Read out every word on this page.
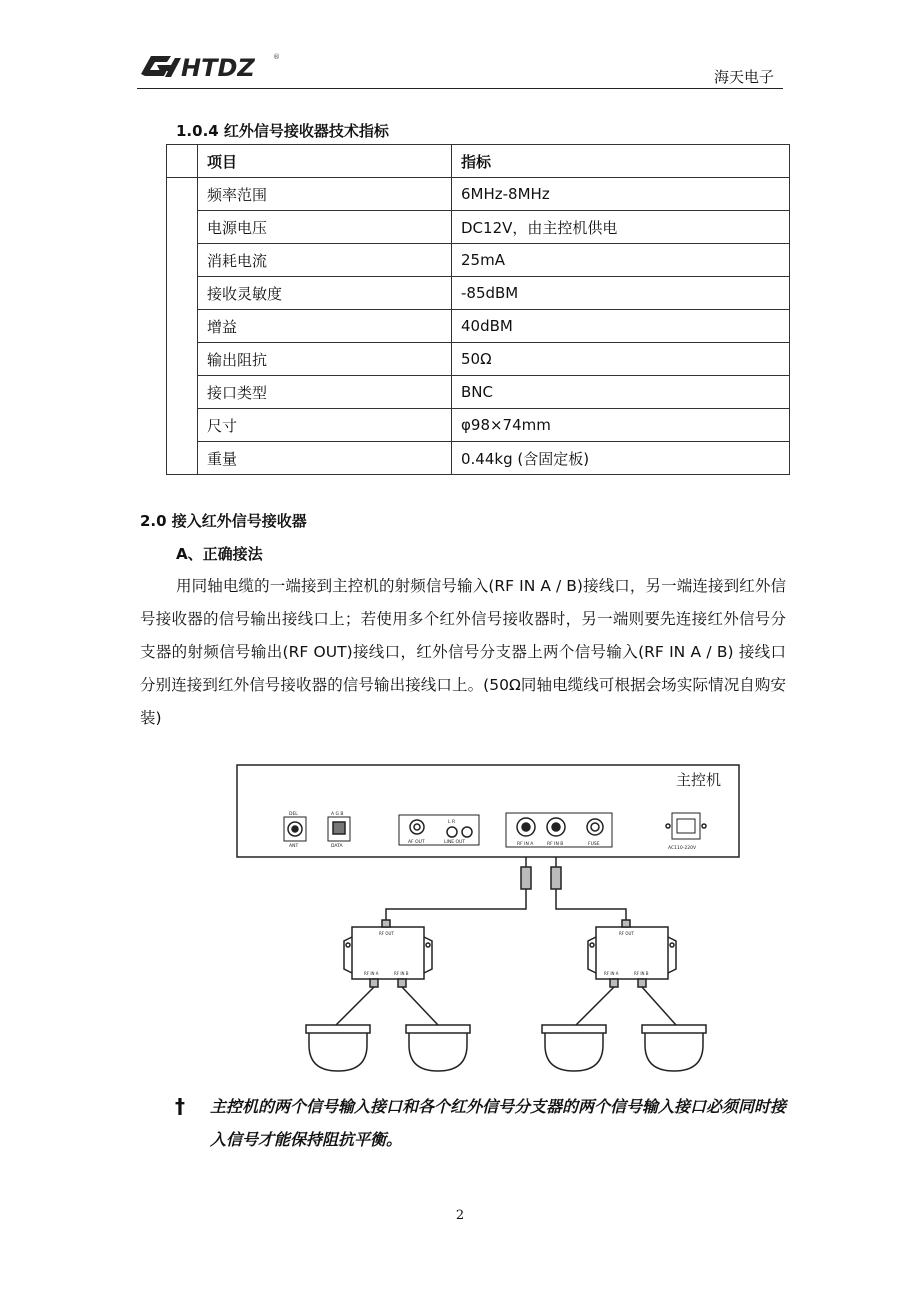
HTDZ	®
海天电子
1.0.4 红外信号接收器技术指标
	项目	指标
	频率范围	6MHz-8MHz
	电源电压	DC12V，由主控机供电
	消耗电流	25mA
	接收灵敏度	-85dBM
	增益	40dBM
	输出阻抗	50Ω
	接口类型	BNC
	尺寸	φ98×74mm
	重量	0.44kg (含固定板)
2.0 接入红外信号接收器
A、正确接法
用同轴电缆的一端接到主控机的射频信号输入(RF IN A / B)接线口，另一端连接到红外信号接收器的信号输出接线口上；若使用多个红外信号接收器时，另一端则要先连接红外信号分支器的射频信号输出(RF OUT)接线口，红外信号分支器上两个信号输入(RF IN A / B) 接线口分别连接到红外信号接收器的信号输出接线口上。(50Ω同轴电缆线可根据会场实际情况自购安装)
主控机
DEL
ANT
A G B
DATA
L R
AF OUT	LINE OUT	RF IN A	RF IN B	FUSE
AC110-220V
RF OUT
RF IN A	RF IN B
RF OUT
RF IN A	RF IN B
† 主控机的两个信号输入接口和各个红外信号分支器的两个信号输入接口必须同时接入信号才能保持阻抗平衡。
2
